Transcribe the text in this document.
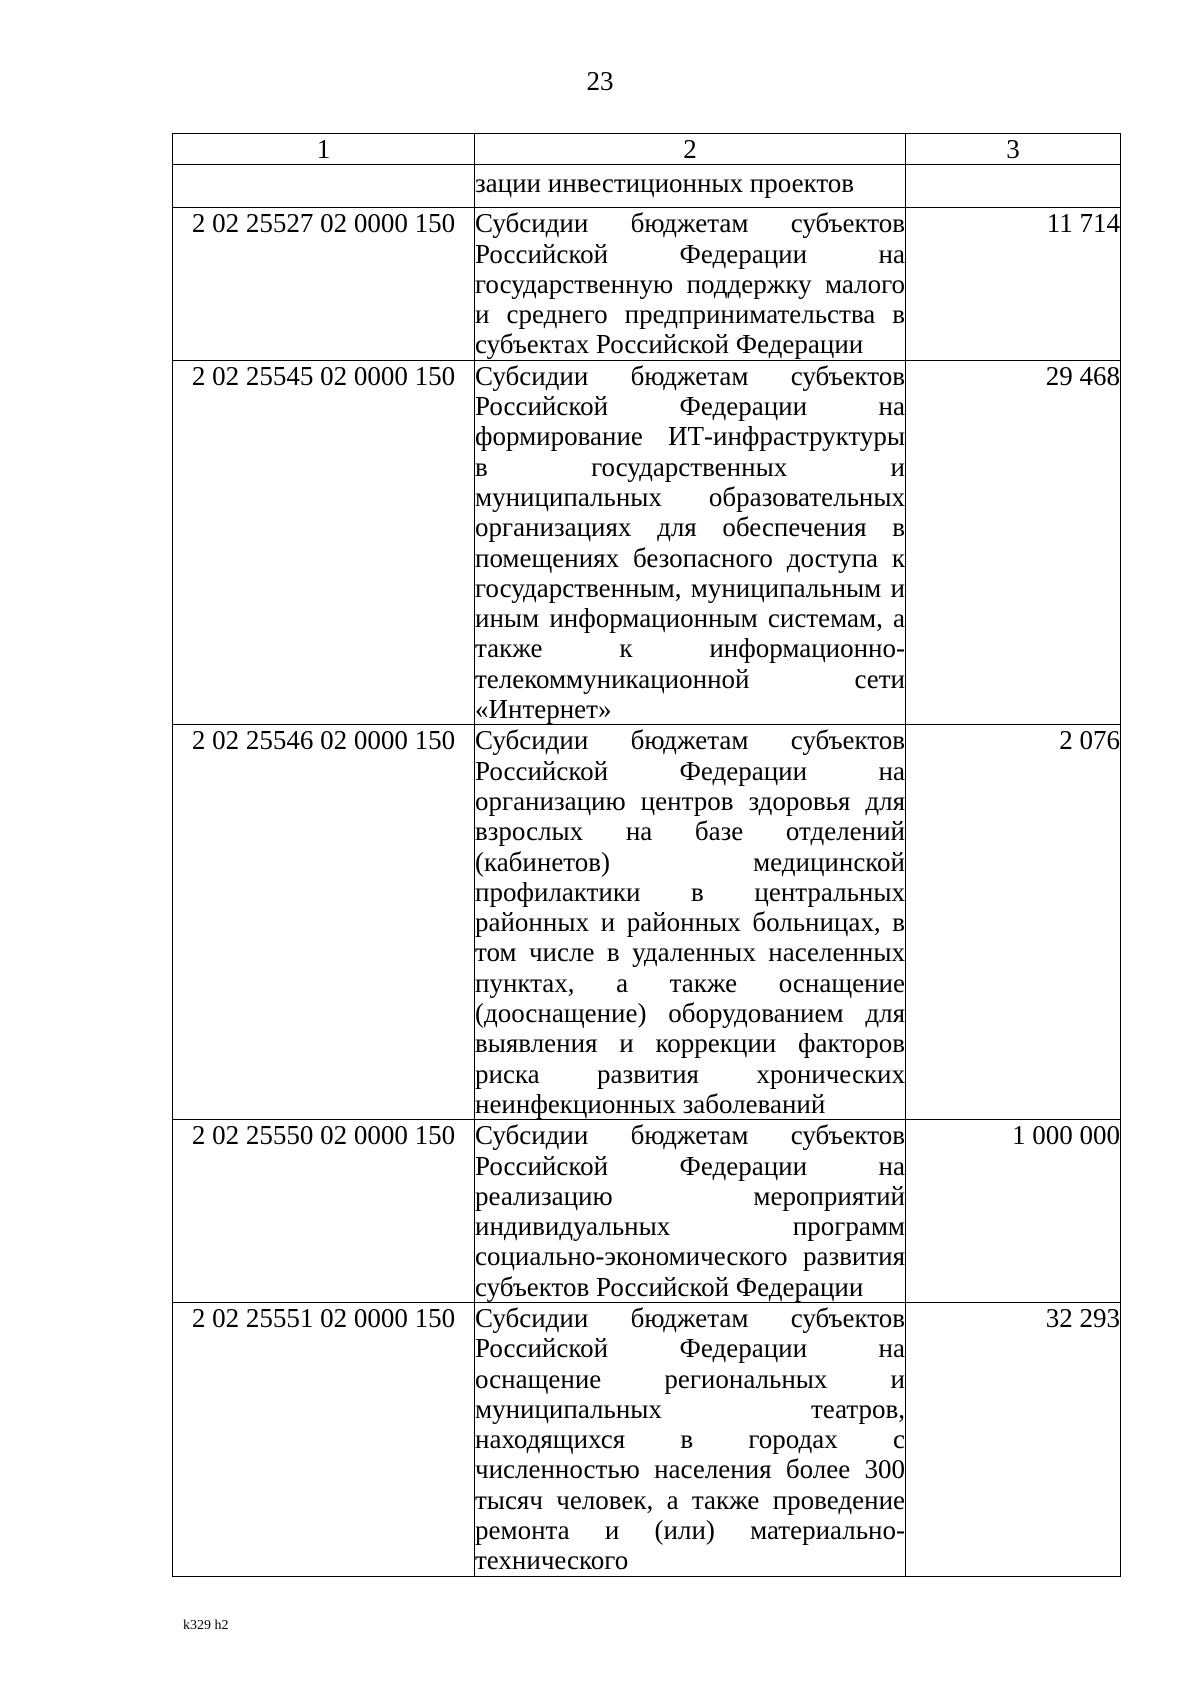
23
1	2	3
	зации инвестиционных проектов	
2 02 25527 02 0000 150	Субсидии бюджетам субъектов Российской Федерации на государственную поддержку малого и среднего предпринимательства в субъектах Российской Федерации	11 714
2 02 25545 02 0000 150	Субсидии бюджетам субъектов Российской Федерации на формирование ИТ-инфраструктуры в государственных и муниципальных образовательных организациях для обеспечения в помещениях безопасного доступа к государственным, муниципальным и иным информационным системам, а также к информационно-телекоммуникационной сети «Интернет»	29 468
2 02 25546 02 0000 150	Субсидии бюджетам субъектов Российской Федерации на организацию центров здоровья для взрослых на базе отделений (кабинетов) медицинской профилактики в центральных районных и районных больницах, в том числе в удаленных населенных пунктах, а также оснащение (дооснащение) оборудованием для выявления и коррекции факторов риска развития хронических неинфекционных заболеваний	2 076
2 02 25550 02 0000 150	Субсидии бюджетам субъектов Российской Федерации на реализацию мероприятий индивидуальных программ социально-экономического развития субъектов Российской Федерации	1 000 000
2 02 25551 02 0000 150	Субсидии бюджетам субъектов Российской Федерации на оснащение региональных и муниципальных театров, находящихся в городах с численностью населения более 300 тысяч человек, а также проведение ремонта и (или) материально-технического	32 293
k329 h2
